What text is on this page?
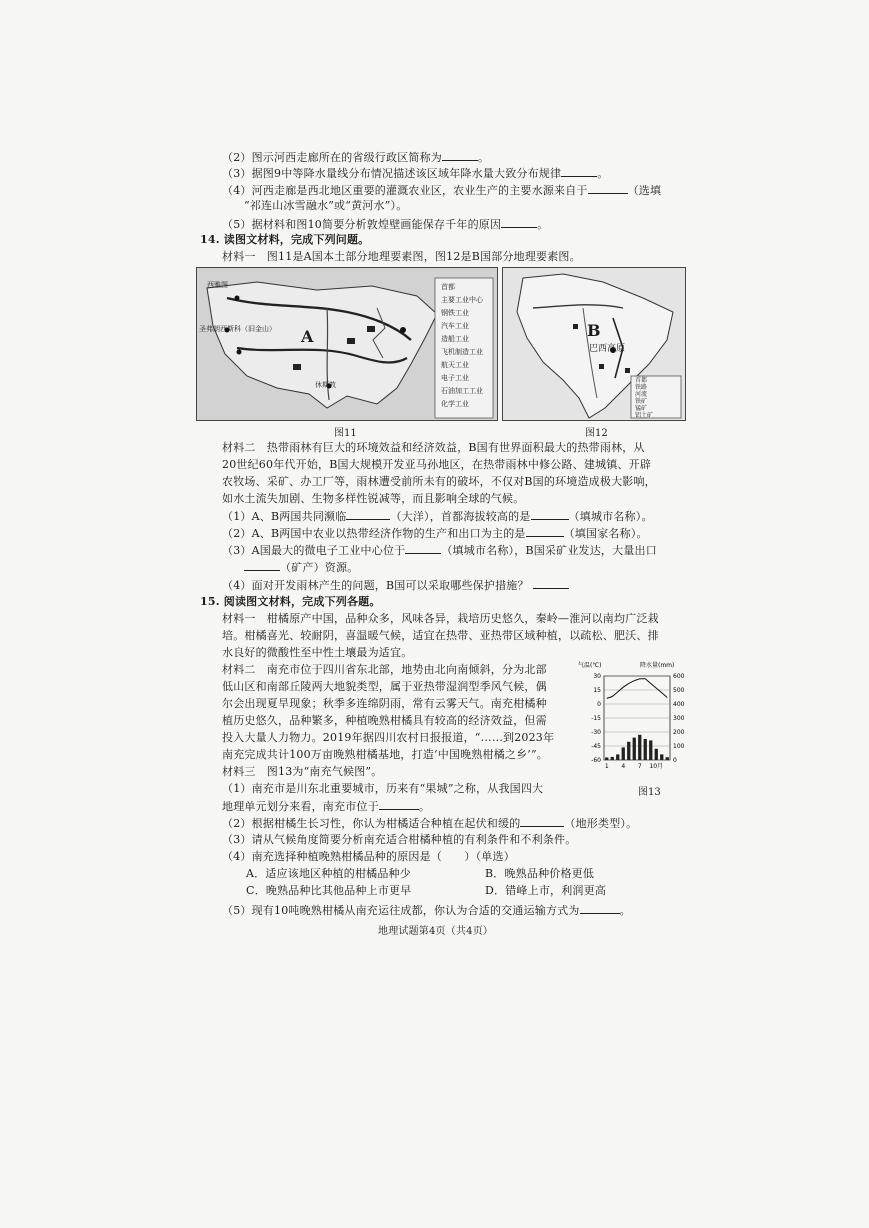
（2）图示河西走廊所在的省级行政区简称为	。
（3）据图9中等降水量线分布情况描述该区域年降水量大致分布规律	。
（4）河西走廊是西北地区重要的灌溉农业区，农业生产的主要水源来自于	（选填
“祁连山冰雪融水”或“黄河水”）。
（5）据材料和图10简要分析敦煌壁画能保存千年的原因	。
14. 读图文材料，完成下列问题。
材料一　图11是A国本土部分地理要素图，图12是B国部分地理要素图。
西雅图
圣弗朗西斯科（旧金山）
休斯敦
A
首都
主要工业中心
钢铁工业
汽车工业
造船工业
飞机制造工业
航天工业
电子工业
石油加工工业
化学工业
图11
B
巴西高原
首都
铁路
河流
铁矿
锰矿
铝土矿
图12
材料二　热带雨林有巨大的环境效益和经济效益，B国有世界面积最大的热带雨林，从
20世纪60年代开始，B国大规模开发亚马孙地区，在热带雨林中修公路、建城镇、开辟
农牧场、采矿、办工厂等，雨林遭受前所未有的破坏，不仅对B国的环境造成极大影响，
如水土流失加剧、生物多样性锐减等，而且影响全球的气候。
（1）A、B两国共同濒临	（大洋），首都海拔较高的是	（填城市名称）。
（2）A、B两国中农业以热带经济作物的生产和出口为主的是	（填国家名称）。
（3）A国最大的微电子工业中心位于	（填城市名称），B国采矿业发达，大量出口
（矿产）资源。
（4）面对开发雨林产生的问题，B国可以采取哪些保护措施？
15. 阅读图文材料，完成下列各题。
材料一　柑橘原产中国，品种众多，风味各异，栽培历史悠久，秦岭—淮河以南均广泛栽
培。柑橘喜光、较耐阴，喜温暖气候，适宜在热带、亚热带区域种植，以疏松、肥沃、排
水良好的微酸性至中性土壤最为适宜。
材料二　南充市位于四川省东北部，地势由北向南倾斜，分为北部
低山区和南部丘陵两大地貌类型，属于亚热带湿润型季风气候，偶
尔会出现夏旱现象；秋季多连绵阴雨，常有云雾天气。南充柑橘种
植历史悠久，品种繁多，种植晚熟柑橘具有较高的经济效益，但需
投入大量人力物力。2019年据四川农村日报报道，“……到2023年
南充完成共计100万亩晚熟柑橘基地，打造‘中国晚熟柑橘之乡’”。
材料三　图13为“南充气候图”。
气温(℃)	降水量(mm)
30	600
15	500
0	400
-15	300
-30	200
-45	100
-60	0
1 4 7 10月
图13
（1）南充市是川东北重要城市，历来有“果城”之称，从我国四大
地理单元划分来看，南充市位于	。
（2）根据柑橘生长习性，你认为柑橘适合种植在起伏和缓的	（地形类型）。
（3）请从气候角度简要分析南充适合柑橘种植的有利条件和不利条件。
（4）南充选择种植晚熟柑橘品种的原因是（　　）（单选）
A．适应该地区种植的柑橘品种少	B．晚熟品种价格更低
C．晚熟品种比其他品种上市更早	D．错峰上市，利润更高
（5）现有10吨晚熟柑橘从南充运往成都，你认为合适的交通运输方式为	。
地理试题第4页（共4页）
